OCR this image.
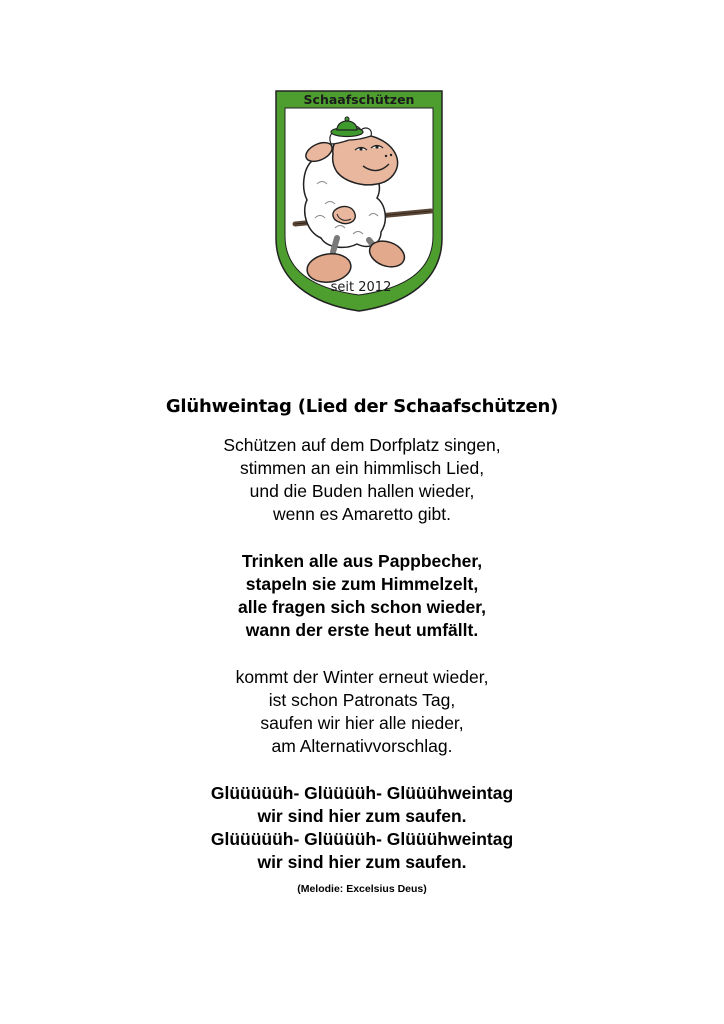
Schaafschützen
seit 2012
Glühweintag (Lied der Schaafschützen)
Schützen auf dem Dorfplatz singen,
stimmen an ein himmlisch Lied,
und die Buden hallen wieder,
wenn es Amaretto gibt.
Trinken alle aus Pappbecher,
stapeln sie zum Himmelzelt,
alle fragen sich schon wieder,
wann der erste heut umfällt.
kommt der Winter erneut wieder,
ist schon Patronats Tag,
saufen wir hier alle nieder,
am Alternativvorschlag.
Glüüüüüh- Glüüüüh- Glüüühweintag
wir sind hier zum saufen.
Glüüüüüh- Glüüüüh- Glüüühweintag
wir sind hier zum saufen.
(Melodie: Excelsius Deus)
